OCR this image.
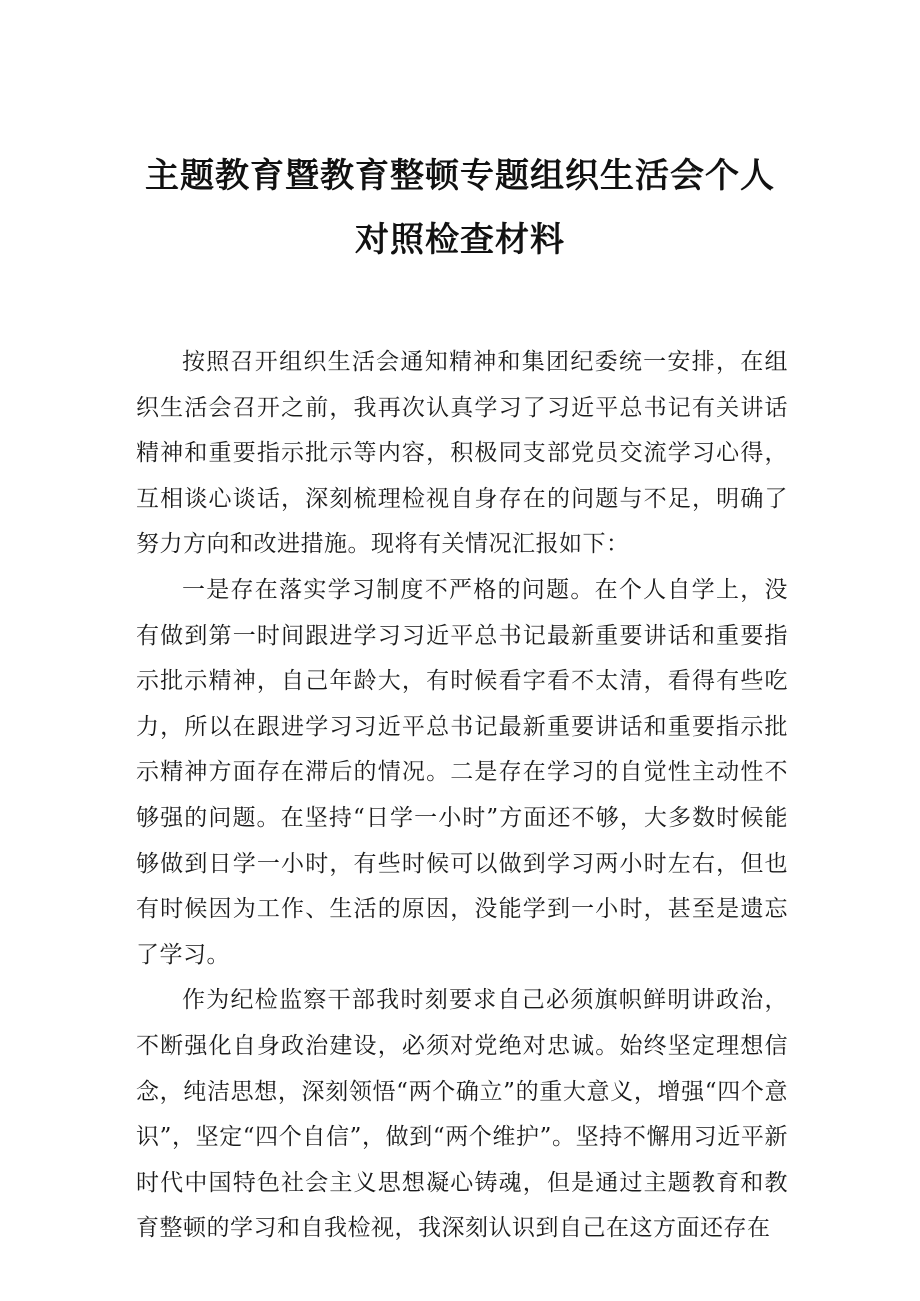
主题教育暨教育整顿专题组织生活会个人
对照检查材料

按照召开组织生活会通知精神和集团纪委统一安排，在组织生活会召开之前，我再次认真学习了习近平总书记有关讲话精神和重要指示批示等内容，积极同支部党员交流学习心得，互相谈心谈话，深刻梳理检视自身存在的问题与不足，明确了努力方向和改进措施。现将有关情况汇报如下：

一是存在落实学习制度不严格的问题。在个人自学上，没有做到第一时间跟进学习习近平总书记最新重要讲话和重要指示批示精神，自己年龄大，有时候看字看不太清，看得有些吃力，所以在跟进学习习近平总书记最新重要讲话和重要指示批示精神方面存在滞后的情况。二是存在学习的自觉性主动性不够强的问题。在坚持“日学一小时”方面还不够，大多数时候能够做到日学一小时，有些时候可以做到学习两小时左右，但也有时候因为工作、生活的原因，没能学到一小时，甚至是遗忘了学习。

作为纪检监察干部我时刻要求自己必须旗帜鲜明讲政治，不断强化自身政治建设，必须对党绝对忠诚。始终坚定理想信念，纯洁思想，深刻领悟“两个确立”的重大意义，增强“四个意识”，坚定“四个自信”，做到“两个维护”。坚持不懈用习近平新时代中国特色社会主义思想凝心铸魂，但是通过主题教育和教育整顿的学习和自我检视，我深刻认识到自己在这方面还存在
